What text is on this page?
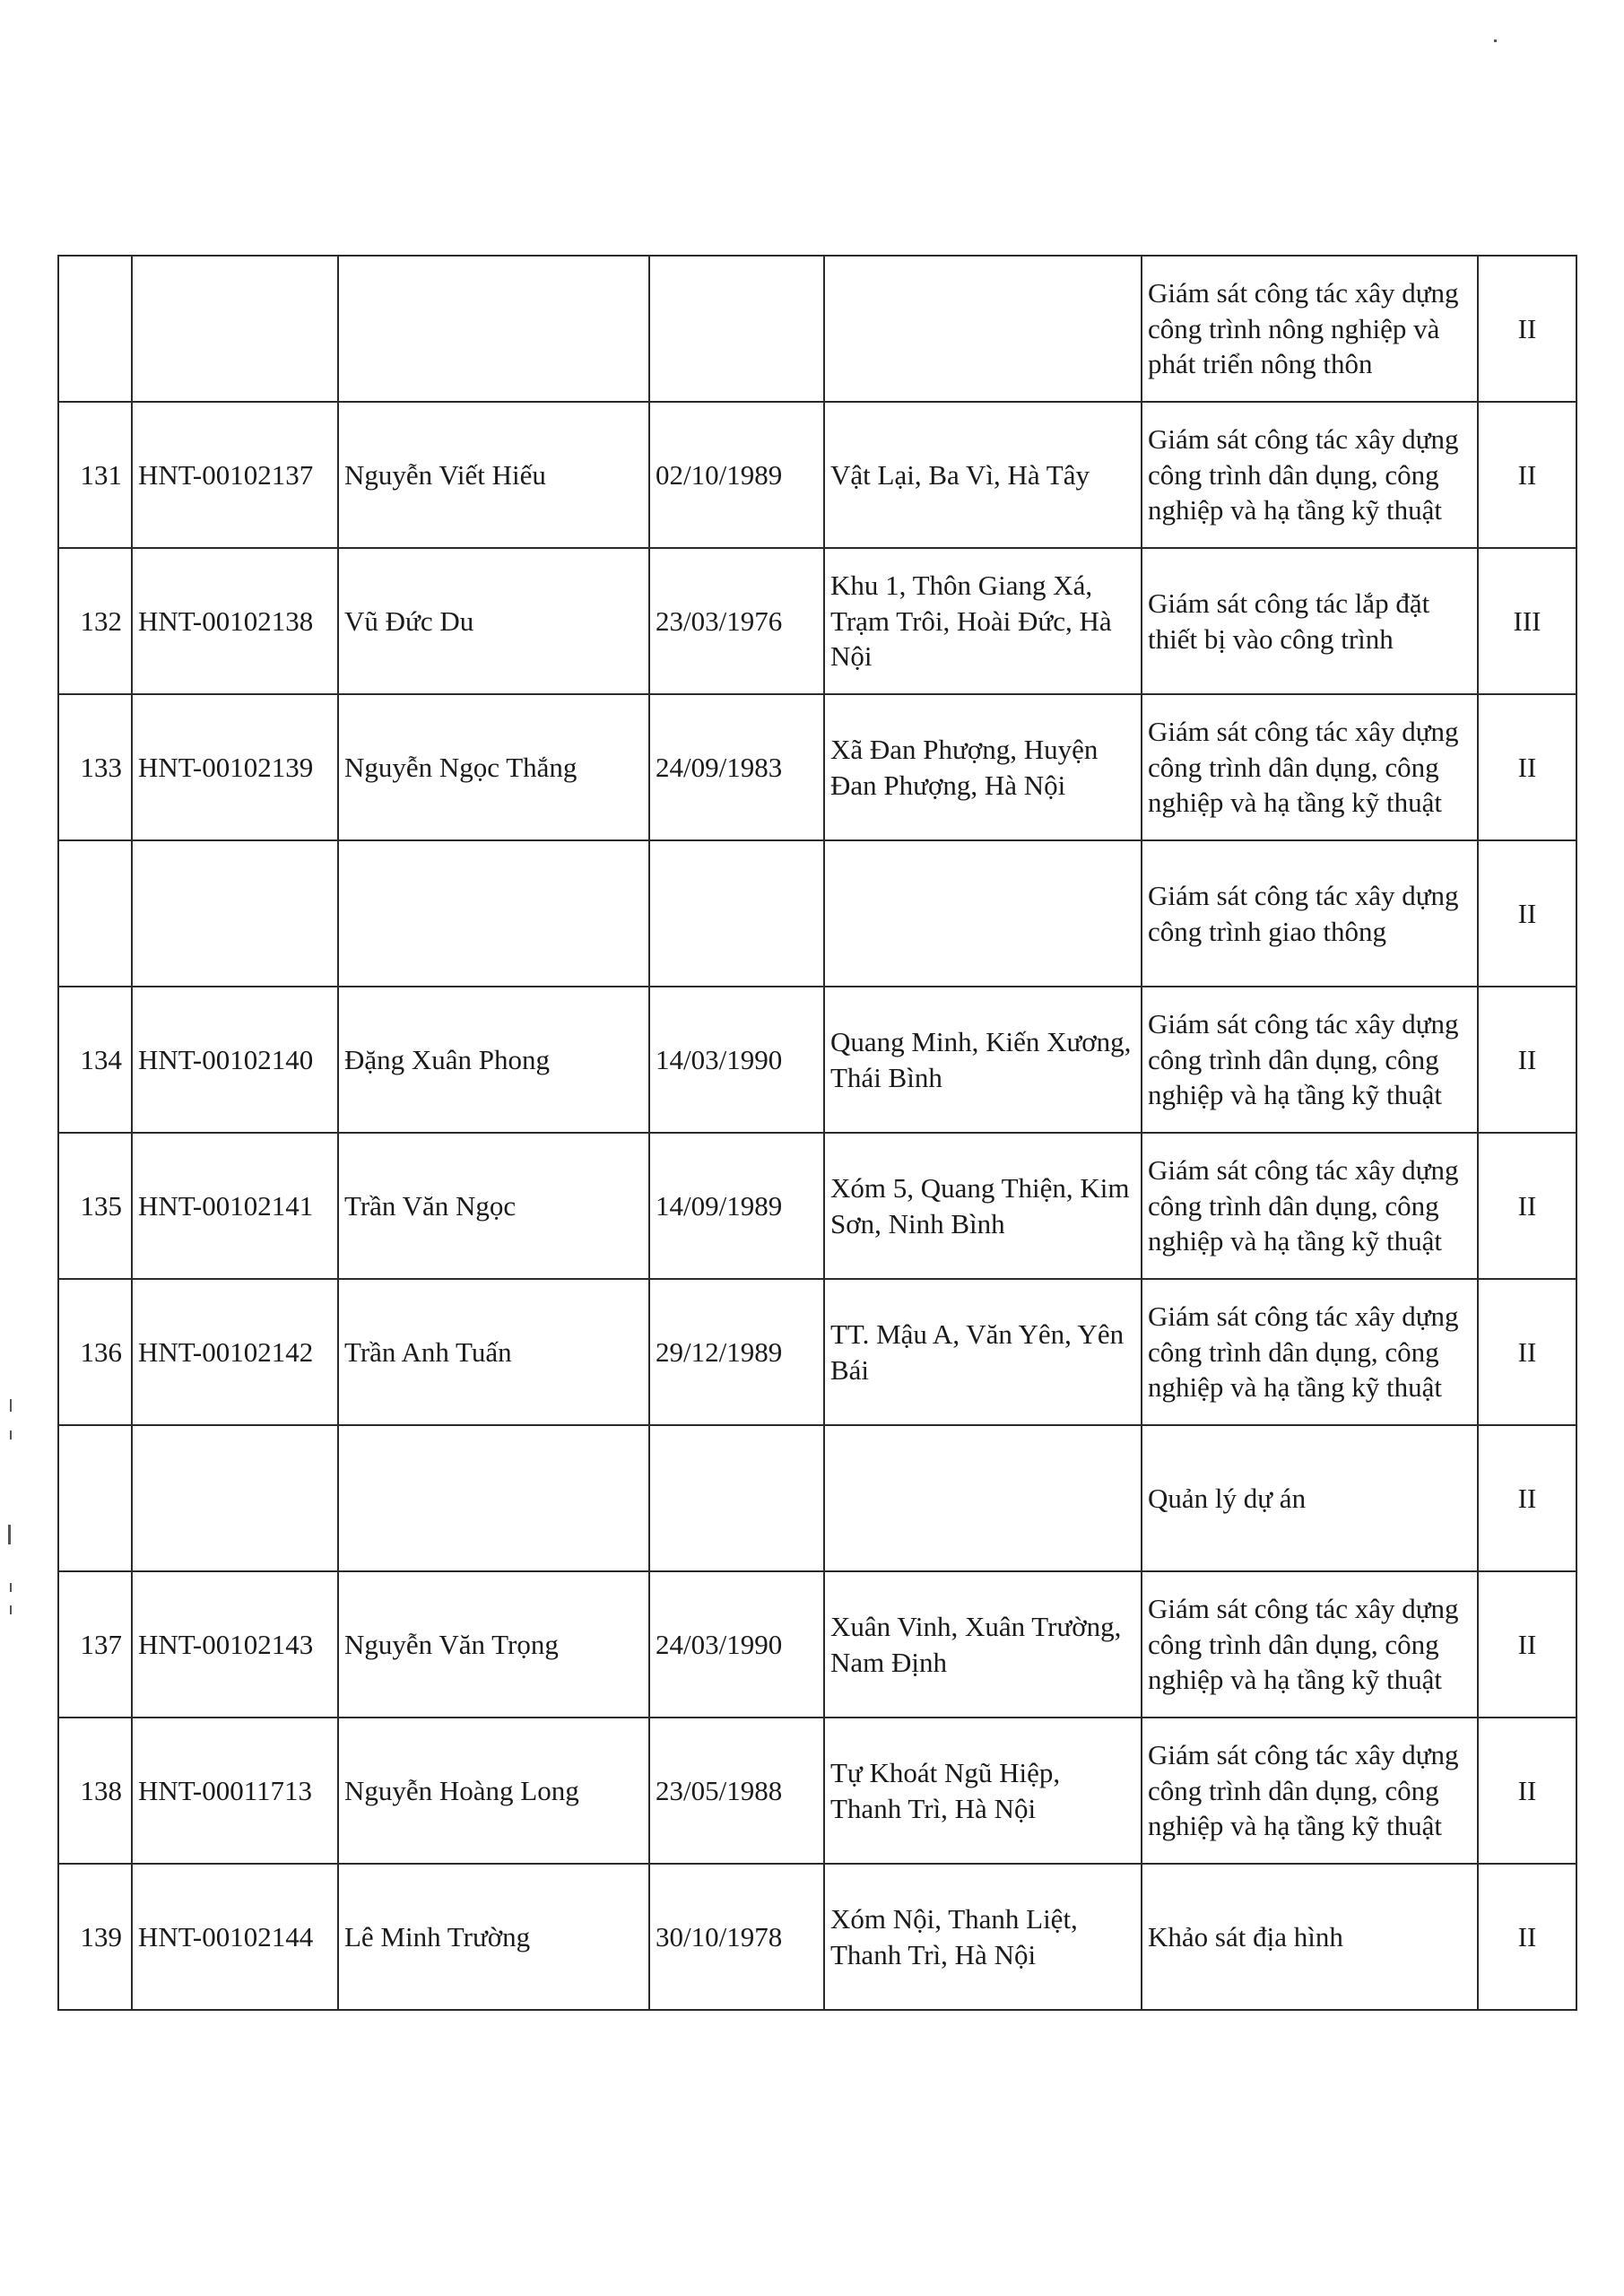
					Giám sát công tác xây dựng công trình nông nghiệp và phát triển nông thôn	II
131	HNT-00102137	Nguyễn Viết Hiếu	02/10/1989	Vật Lại, Ba Vì, Hà Tây	Giám sát công tác xây dựng công trình dân dụng, công nghiệp và hạ tầng kỹ thuật	II
132	HNT-00102138	Vũ Đức Du	23/03/1976	Khu 1, Thôn Giang Xá, Trạm Trôi, Hoài Đức, Hà Nội	Giám sát công tác lắp đặt thiết bị vào công trình	III
133	HNT-00102139	Nguyễn Ngọc Thắng	24/09/1983	Xã Đan Phượng, Huyện Đan Phượng, Hà Nội	Giám sát công tác xây dựng công trình dân dụng, công nghiệp và hạ tầng kỹ thuật	II
					Giám sát công tác xây dựng công trình giao thông	II
134	HNT-00102140	Đặng Xuân Phong	14/03/1990	Quang Minh, Kiến Xương, Thái Bình	Giám sát công tác xây dựng công trình dân dụng, công nghiệp và hạ tầng kỹ thuật	II
135	HNT-00102141	Trần Văn Ngọc	14/09/1989	Xóm 5, Quang Thiện, Kim Sơn, Ninh Bình	Giám sát công tác xây dựng công trình dân dụng, công nghiệp và hạ tầng kỹ thuật	II
136	HNT-00102142	Trần Anh Tuấn	29/12/1989	TT. Mậu A, Văn Yên, Yên Bái	Giám sát công tác xây dựng công trình dân dụng, công nghiệp và hạ tầng kỹ thuật	II
					Quản lý dự án	II
137	HNT-00102143	Nguyễn Văn Trọng	24/03/1990	Xuân Vinh, Xuân Trường, Nam Định	Giám sát công tác xây dựng công trình dân dụng, công nghiệp và hạ tầng kỹ thuật	II
138	HNT-00011713	Nguyễn Hoàng Long	23/05/1988	Tự Khoát Ngũ Hiệp, Thanh Trì, Hà Nội	Giám sát công tác xây dựng công trình dân dụng, công nghiệp và hạ tầng kỹ thuật	II
139	HNT-00102144	Lê Minh Trường	30/10/1978	Xóm Nội, Thanh Liệt, Thanh Trì, Hà Nội	Khảo sát địa hình	II
